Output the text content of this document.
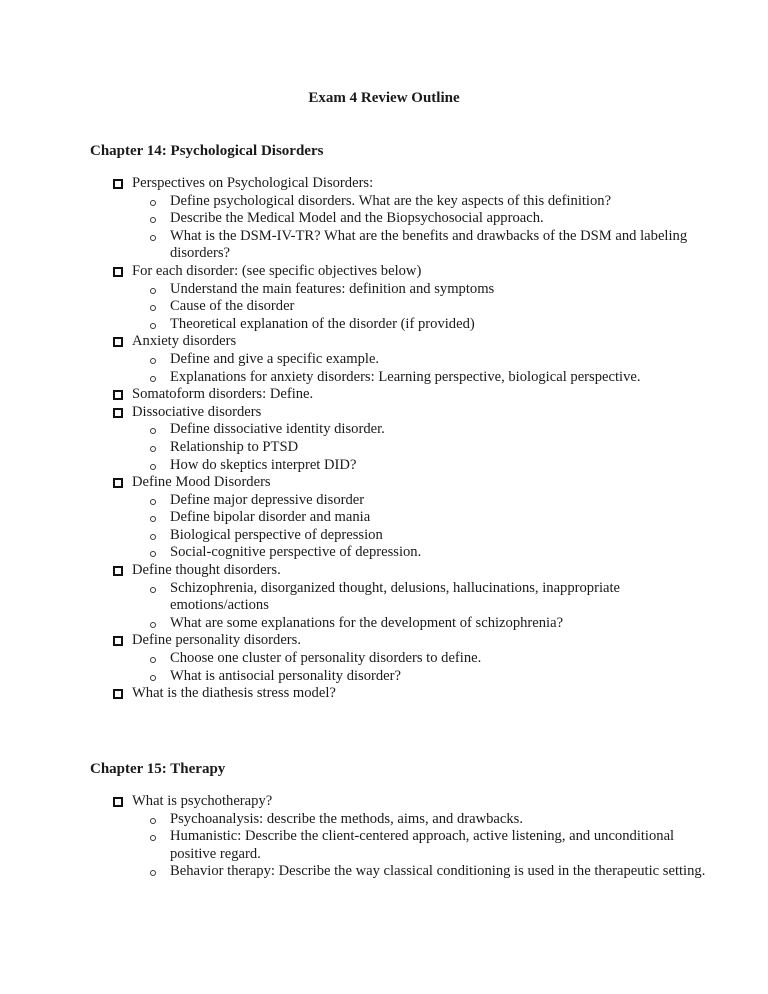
Exam 4 Review Outline
Chapter 14: Psychological Disorders
Perspectives on Psychological Disorders:
Define psychological disorders. What are the key aspects of this definition?
Describe the Medical Model and the Biopsychosocial approach.
What is the DSM-IV-TR? What are the benefits and drawbacks of the DSM and labeling disorders?
For each disorder: (see specific objectives below)
Understand the main features: definition and symptoms
Cause of the disorder
Theoretical explanation of the disorder (if provided)
Anxiety disorders
Define and give a specific example.
Explanations for anxiety disorders: Learning perspective, biological perspective.
Somatoform disorders: Define.
Dissociative disorders
Define dissociative identity disorder.
Relationship to PTSD
How do skeptics interpret DID?
Define Mood Disorders
Define major depressive disorder
Define bipolar disorder and mania
Biological perspective of depression
Social-cognitive perspective of depression.
Define thought disorders.
Schizophrenia, disorganized thought, delusions, hallucinations, inappropriate emotions/actions
What are some explanations for the development of schizophrenia?
Define personality disorders.
Choose one cluster of personality disorders to define.
What is antisocial personality disorder?
What is the diathesis stress model?
Chapter 15: Therapy
What is psychotherapy?
Psychoanalysis: describe the methods, aims, and drawbacks.
Humanistic: Describe the client-centered approach, active listening, and unconditional positive regard.
Behavior therapy: Describe the way classical conditioning is used in the therapeutic setting.
